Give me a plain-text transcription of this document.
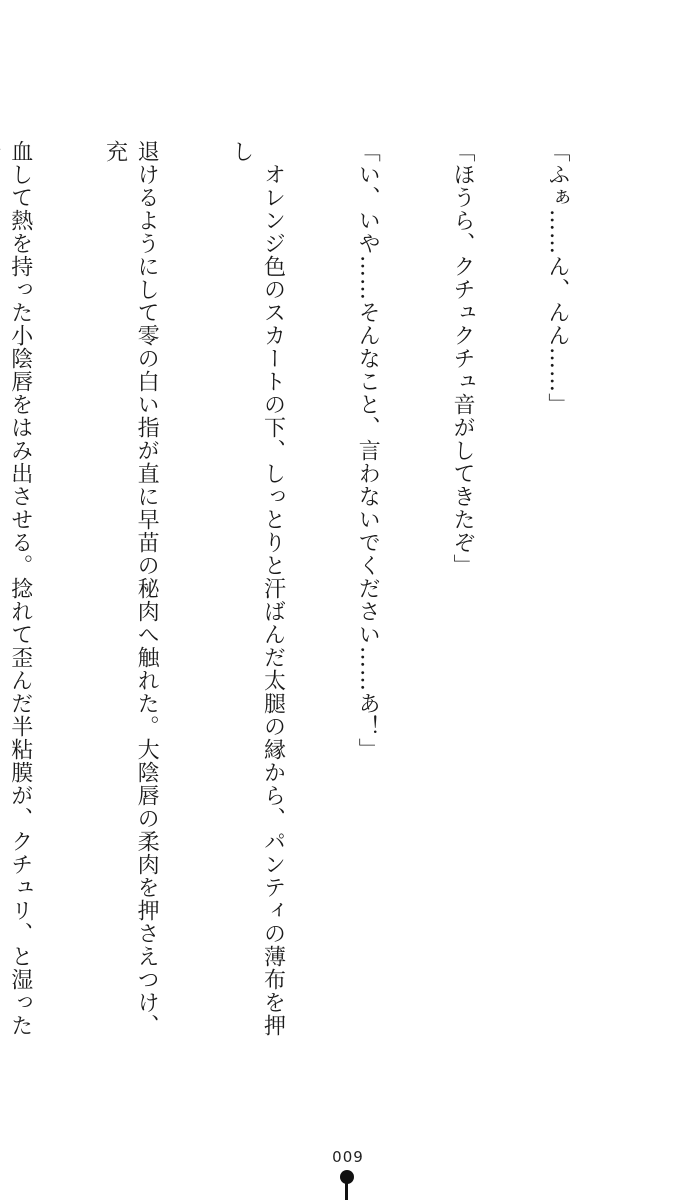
「ふぁ……ん、んん……」

「ほうら、クチュクチュ音がしてきたぞ」

「い、いや……そんなこと、言わないでください……あ！」

　オレンジ色のスカートの下、しっとりと汗ばんだ太腿の縁から、パンティの薄布を押し

退けるようにして零の白い指が直に早苗の秘肉へ触れた。大陰唇の柔肉を押さえつけ、充

血して熱を持った小陰唇をはみ出させる。捻れて歪んだ半粘膜が、クチュリ、と湿った

009
